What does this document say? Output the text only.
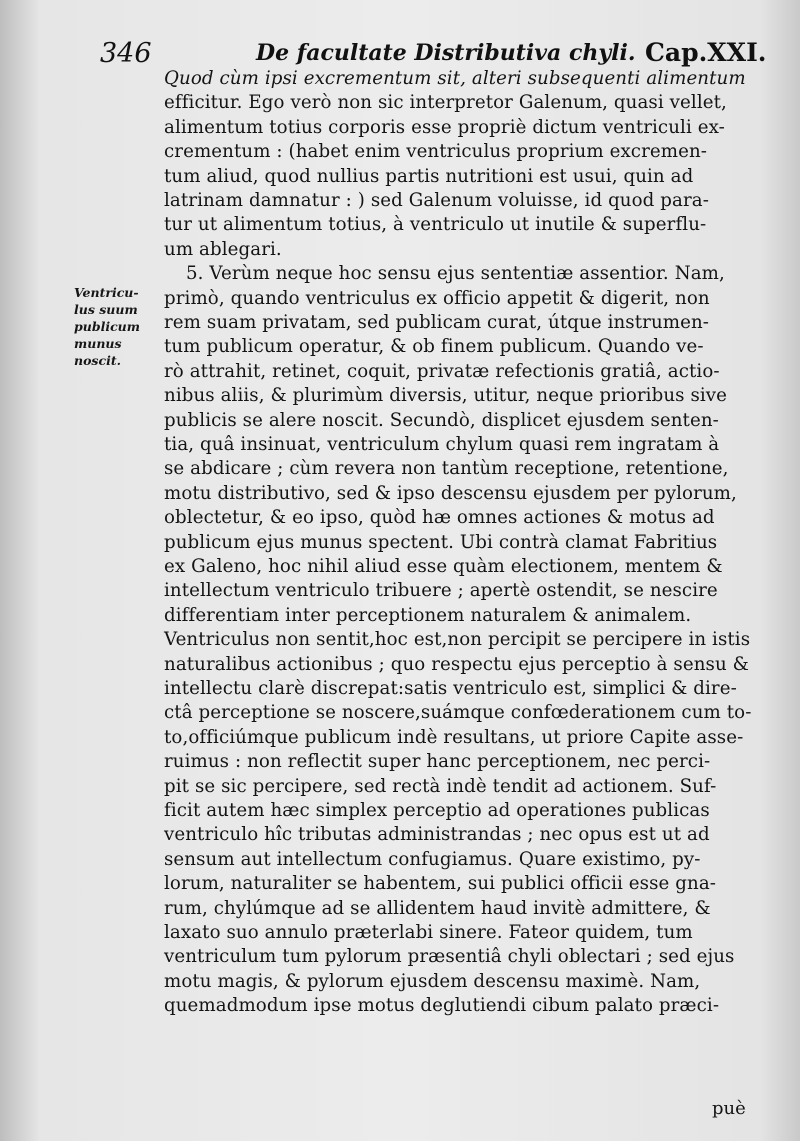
346	De facultate Distributiva chyli. Cap.XXI.
Ventricu-
lus suum
publicum
munus
noscit.
Quod cùm ipsi excrementum sit, alteri subsequenti alimentum
efficitur. Ego verò non sic interpretor Galenum, quasi vellet,
alimentum totius corporis esse propriè dictum ventriculi ex-
crementum : (habet enim ventriculus proprium excremen-
tum aliud, quod nullius partis nutritioni est usui, quin ad
latrinam damnatur : ) sed Galenum voluisse, id quod para-
tur ut alimentum totius, à ventriculo ut inutile & superflu-
um ablegari.
5. Verùm neque hoc sensu ejus sententiæ assentior. Nam,
primò, quando ventriculus ex officio appetit & digerit, non
rem suam privatam, sed publicam curat, útque instrumen-
tum publicum operatur, & ob finem publicum. Quando ve-
rò attrahit, retinet, coquit, privatæ refectionis gratiâ, actio-
nibus aliis, & plurimùm diversis, utitur, neque prioribus sive
publicis se alere noscit. Secundò, displicet ejusdem senten-
tia, quâ insinuat, ventriculum chylum quasi rem ingratam à
se abdicare ; cùm revera non tantùm receptione, retentione,
motu distributivo, sed & ipso descensu ejusdem per pylorum,
oblectetur, & eo ipso, quòd hæ omnes actiones & motus ad
publicum ejus munus spectent. Ubi contrà clamat Fabritius
ex Galeno, hoc nihil aliud esse quàm electionem, mentem &
intellectum ventriculo tribuere ; apertè ostendit, se nescire
differentiam inter perceptionem naturalem & animalem.
Ventriculus non sentit,hoc est,non percipit se percipere in istis
naturalibus actionibus ; quo respectu ejus perceptio à sensu &
intellectu clarè discrepat:satis ventriculo est, simplici & dire-
ctâ perceptione se noscere,suámque confœderationem cum to-
to,officiúmque publicum indè resultans, ut priore Capite asse-
ruimus : non reflectit super hanc perceptionem, nec perci-
pit se sic percipere, sed rectà indè tendit ad actionem. Suf-
ficit autem hæc simplex perceptio ad operationes publicas
ventriculo hîc tributas administrandas ; nec opus est ut ad
sensum aut intellectum confugiamus. Quare existimo, py-
lorum, naturaliter se habentem, sui publici officii esse gna-
rum, chylúmque ad se allidentem haud invitè admittere, &
laxato suo annulo præterlabi sinere. Fateor quidem, tum
ventriculum tum pylorum præsentiâ chyli oblectari ; sed ejus
motu magis, & pylorum ejusdem descensu maximè. Nam,
quemadmodum ipse motus deglutiendi cibum palato præci-
puè
